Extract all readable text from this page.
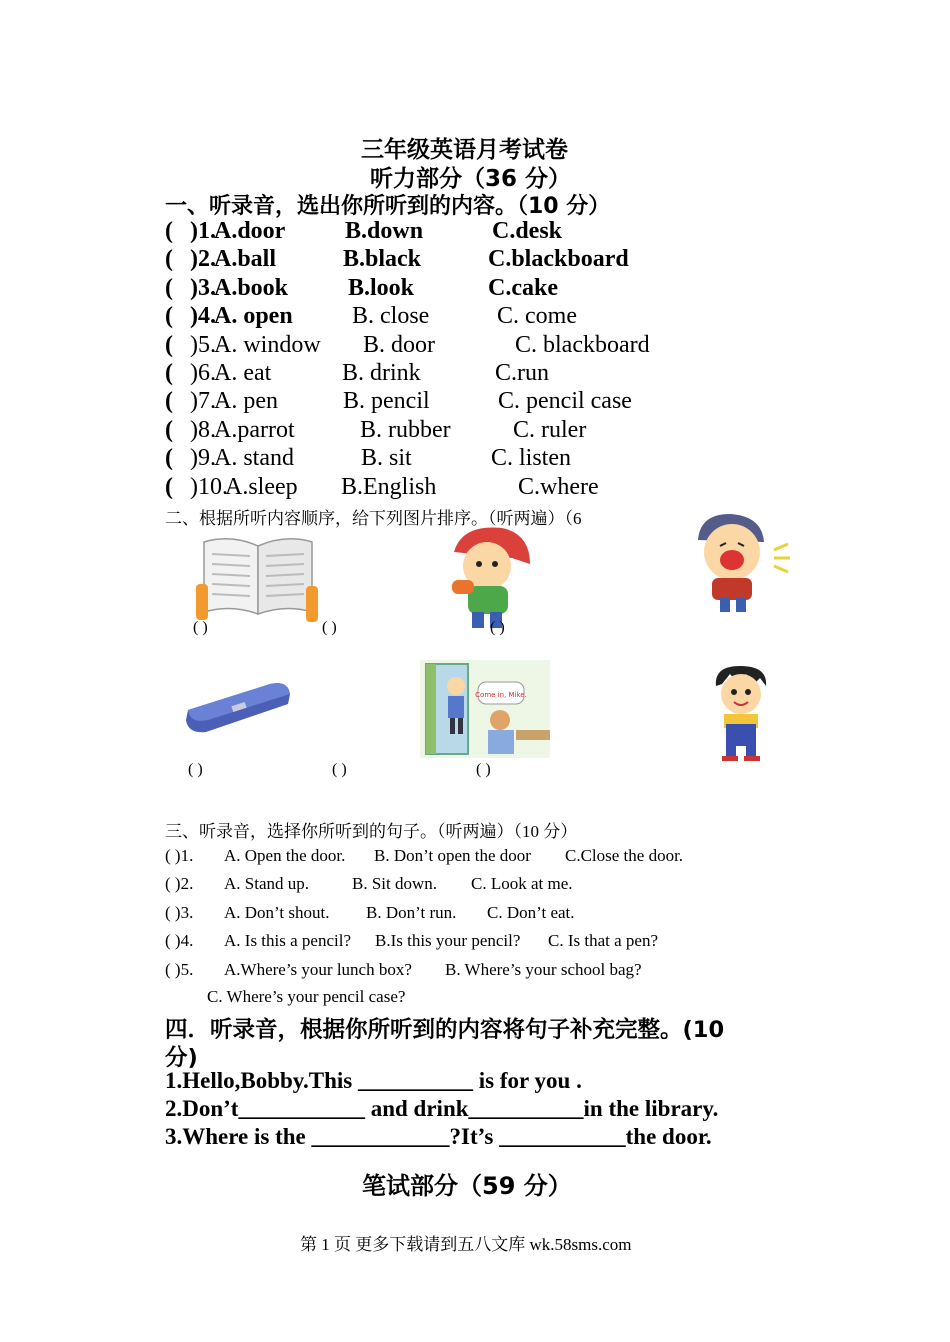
三年级英语月考试卷
听力部分（36 分）
一、听录音，选出你所听到的内容。（10 分）
( )1.
A.door B.down	C.desk
( )2.
A.ball	B.black	C.blackboard
( )3.
A.book B.look	C.cake
( )4.
A. open B. close	C. come
( )5.
A. window B. door	C. blackboard
( )6.
A. eat	B. drink	C.run
( )7.
A. pen	B. pencil	C. pencil case
( )8.
A.parrot	B. rubber	C. ruler
( )9.
A. stand	B. sit	C. listen
( )10.
A.sleep B.English	C.where
二、根据所听内容顺序，给下列图片排序。（听两遍）（6
( )	( )	( )
Come in, Mike.
( )	( )	( )
三、听录音，选择你所听到的句子。（听两遍）（10 分）
( )1. A. Open the door. B. Don’t open the door C.Close the door.
( )2. A. Stand up.	B. Sit down. C. Look at me.
( )3. A. Don’t shout. B. Don’t run. C. Don’t eat.
( )4. A. Is this a pencil? B.Is this your pencil? C. Is that a pen?
( )5. A.Where’s your lunch box? B. Where’s your school bag?
C. Where’s your pencil case?
四．听录音，根据你所听到的内容将句子补充完整。(10
分)
1.Hello,Bobby.This __________ is for you .
2.Don’t___________ and drink__________in the library.
3.Where is the ____________?It’s ___________the door.
笔试部分（59 分）
第 1 页 更多下载请到五八文库 wk.58sms.com
